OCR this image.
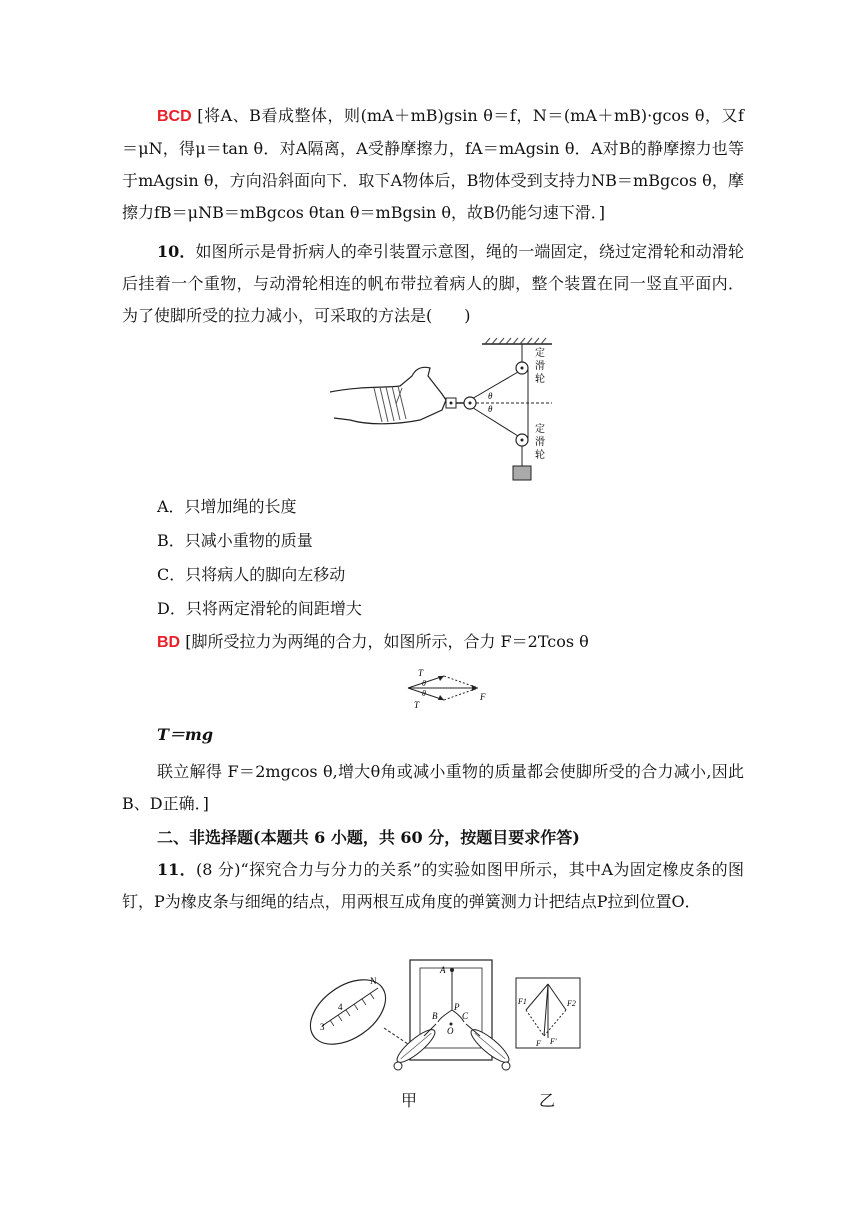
BCD [将A、B看成整体，则(mA＋mB)gsin θ＝f，N＝(mA＋mB)·gcos θ，又f＝μN，得μ＝tan θ．对A隔离，A受静摩擦力，fA＝mAgsin θ．A对B的静摩擦力也等于mAgsin θ，方向沿斜面向下．取下A物体后，B物体受到支持力NB＝mBgcos θ，摩擦力fB＝μNB＝mBgcos θtan θ＝mBgsin θ，故B仍能匀速下滑．]
10．如图所示是骨折病人的牵引装置示意图，绳的一端固定，绕过定滑轮和动滑轮后挂着一个重物，与动滑轮相连的帆布带拉着病人的脚，整个装置在同一竖直平面内．为了使脚所受的拉力减小，可采取的方法是(　　)
θ
θ
定
滑
轮
定
滑
轮
A．只增加绳的长度
B．只减小重物的质量
C．只将病人的脚向左移动
D．只将两定滑轮的间距增大
BD [脚所受拉力为两绳的合力，如图所示，合力 F＝2Tcos θ
T
T
θ
θ	F
T＝mg
联立解得 F＝2mgcos θ,增大θ角或减小重物的质量都会使脚所受的合力减小,因此B、D正确．]
二、非选择题(本题共 6 小题，共 60 分，按题目要求作答)
11．(8 分)“探究合力与分力的关系”的实验如图甲所示，其中A为固定橡皮条的图钉，P为橡皮条与细绳的结点，用两根互成角度的弹簧测力计把结点P拉到位置O．
N
4
3
A
P
B	C
O
F1	F2
F F′
甲	乙
